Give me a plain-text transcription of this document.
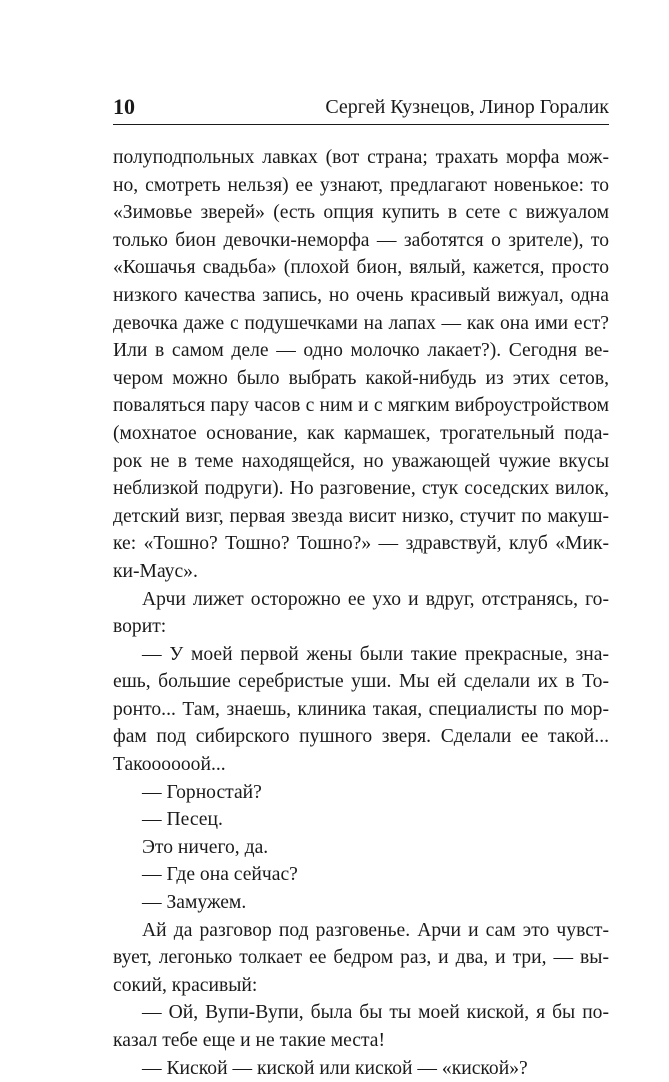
10	Сергей Кузнецов, Линор Горалик
полуподпольных лавках (вот страна; трахать морфа мож-
но, смотреть нельзя) ее узнают, предлагают новенькое: то
«Зимовье зверей» (есть опция купить в сете с вижуалом
только бион девочки-неморфа — заботятся о зрителе), то
«Кошачья свадьба» (плохой бион, вялый, кажется, просто
низкого качества запись, но очень красивый вижуал, одна
девочка даже с подушечками на лапах — как она ими ест?
Или в самом деле — одно молочко лакает?). Сегодня ве-
чером можно было выбрать какой-нибудь из этих сетов,
поваляться пару часов с ним и с мягким виброустройством
(мохнатое основание, как кармашек, трогательный пода-
рок не в теме находящейся, но уважающей чужие вкусы
неблизкой подруги). Но разговение, стук соседских вилок,
детский визг, первая звезда висит низко, стучит по макуш-
ке: «Тошно? Тошно? Тошно?» — здравствуй, клуб «Мик-
ки-Маус».
Арчи лижет осторожно ее ухо и вдруг, отстранясь, го-
ворит:
— У моей первой жены были такие прекрасные, зна-
ешь, большие серебристые уши. Мы ей сделали их в То-
ронто... Там, знаешь, клиника такая, специалисты по мор-
фам под сибирского пушного зверя. Сделали ее такой...
Такоооооой...
— Горностай?
— Песец.
Это ничего, да.
— Где она сейчас?
— Замужем.
Ай да разговор под разговенье. Арчи и сам это чувст-
вует, легонько толкает ее бедром раз, и два, и три, — вы-
сокий, красивый:
— Ой, Вупи-Вупи, была бы ты моей киской, я бы по-
казал тебе еще и не такие места!
— Киской — киской или киской — «киской»?
